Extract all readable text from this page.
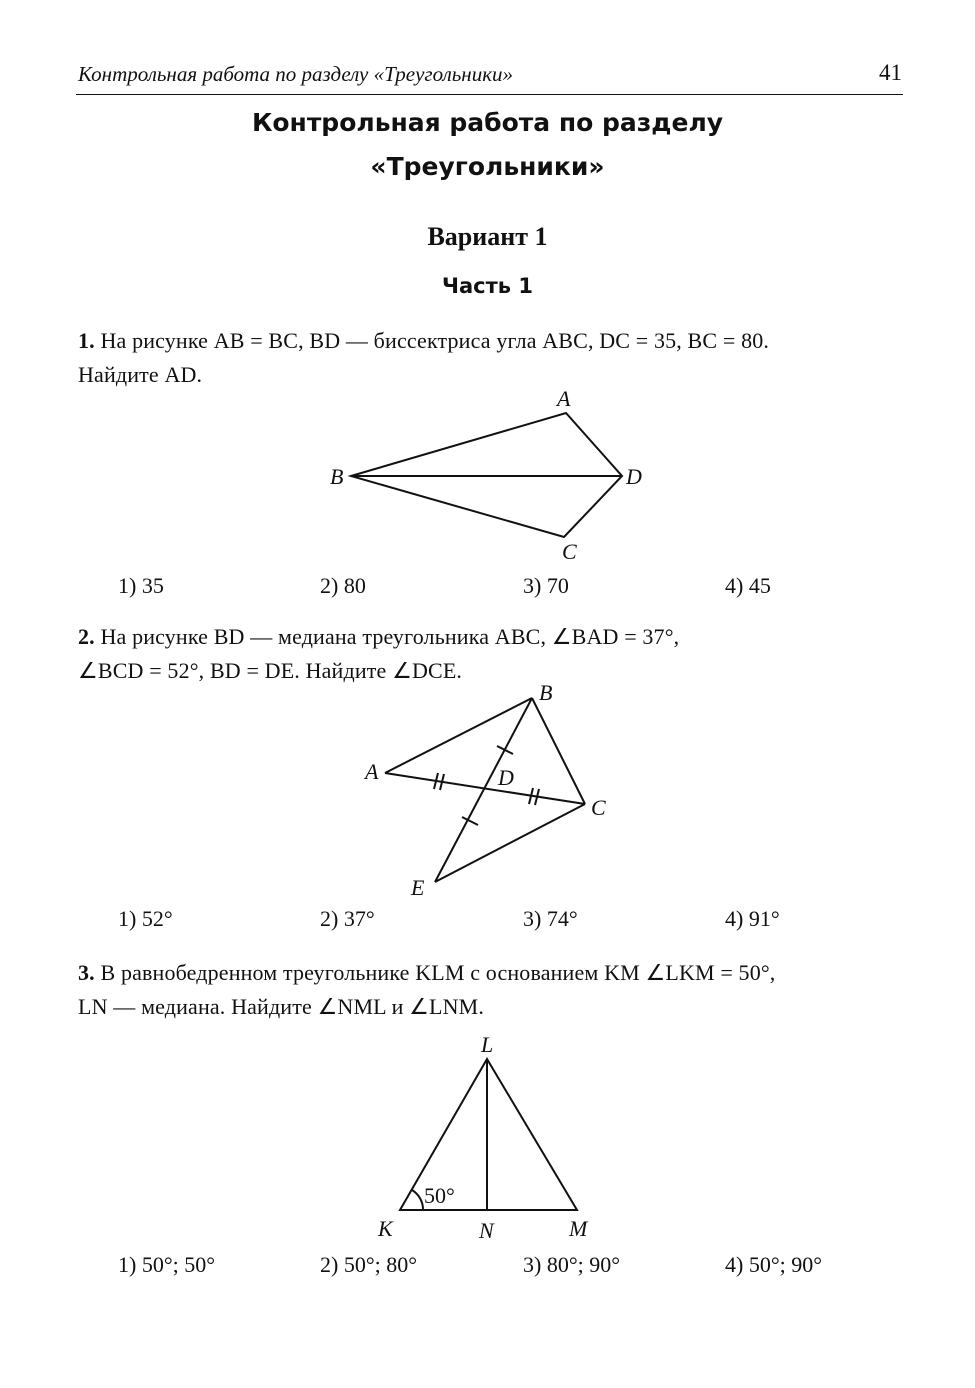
Контрольная работа по разделу «Треугольники»	41
Контрольная работа по разделу
«Треугольники»
Вариант 1
Часть 1
1. На рисунке AB = BC, BD — биссектриса угла ABC, DC = 35, BC = 80.
Найдите AD.
A
B
C
D
A
B
C
D
E
L
K	N	M
50°
1) 35	2) 80	3) 70	4) 45
2. На рисунке BD — медиана треугольника ABC, ∠BAD = 37°,
∠BCD = 52°, BD = DE. Найдите ∠DCE.
1) 52°	2) 37°	3) 74°	4) 91°
3. В равнобедренном треугольнике KLM с основанием KM ∠LKM = 50°,
LN — медиана. Найдите ∠NML и ∠LNM.
1) 50°; 50°	2) 50°; 80°	3) 80°; 90°	4) 50°; 90°
